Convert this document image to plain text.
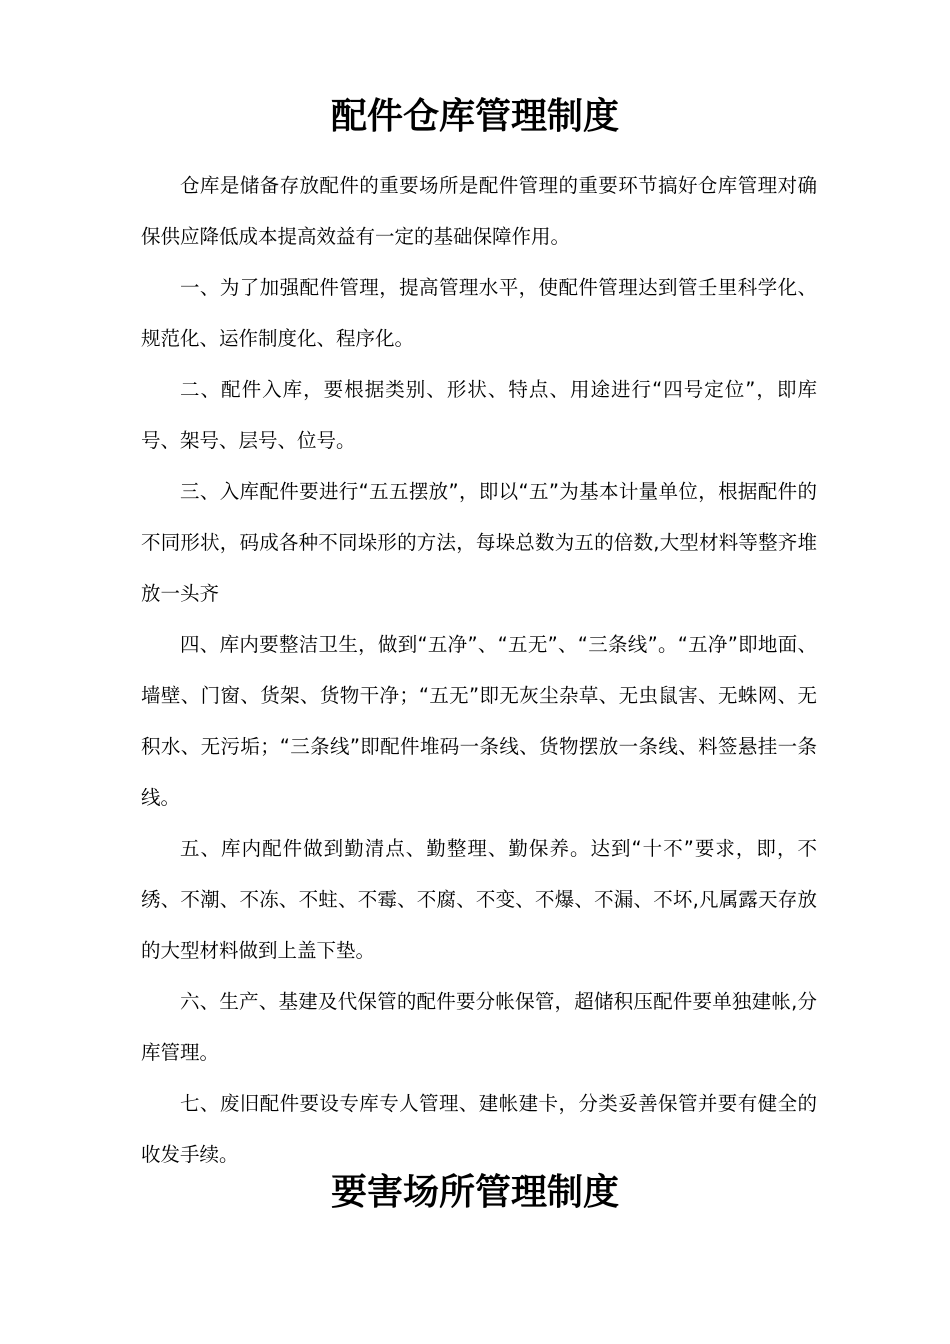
配件仓库管理制度

仓库是储备存放配件的重要场所是配件管理的重要环节搞好仓库管理对确保供应降低成本提高效益有一定的基础保障作用。

一、为了加强配件管理，提高管理水平，使配件管理达到管壬里科学化、规范化、运作制度化、程序化。

二、配件入库，要根据类别、形状、特点、用途进行“四号定位”，即库号、架号、层号、位号。

三、入库配件要进行“五五摆放”，即以“五”为基本计量单位，根据配件的不同形状，码成各种不同垛形的方法，每垛总数为五的倍数,大型材料等整齐堆放一头齐

四、库内要整洁卫生，做到“五净”、“五无”、“三条线”。“五净”即地面、墙壁、门窗、货架、货物干净；“五无”即无灰尘杂草、无虫鼠害、无蛛网、无积水、无污垢；“三条线”即配件堆码一条线、货物摆放一条线、料签悬挂一条线。

五、库内配件做到勤清点、勤整理、勤保养。达到“十不”要求，即，不绣、不潮、不冻、不蛀、不霉、不腐、不变、不爆、不漏、不坏,凡属露天存放的大型材料做到上盖下垫。

六、生产、基建及代保管的配件要分帐保管，超储积压配件要单独建帐,分库管理。

七、废旧配件要设专库专人管理、建帐建卡，分类妥善保管并要有健全的收发手续。

要害场所管理制度
